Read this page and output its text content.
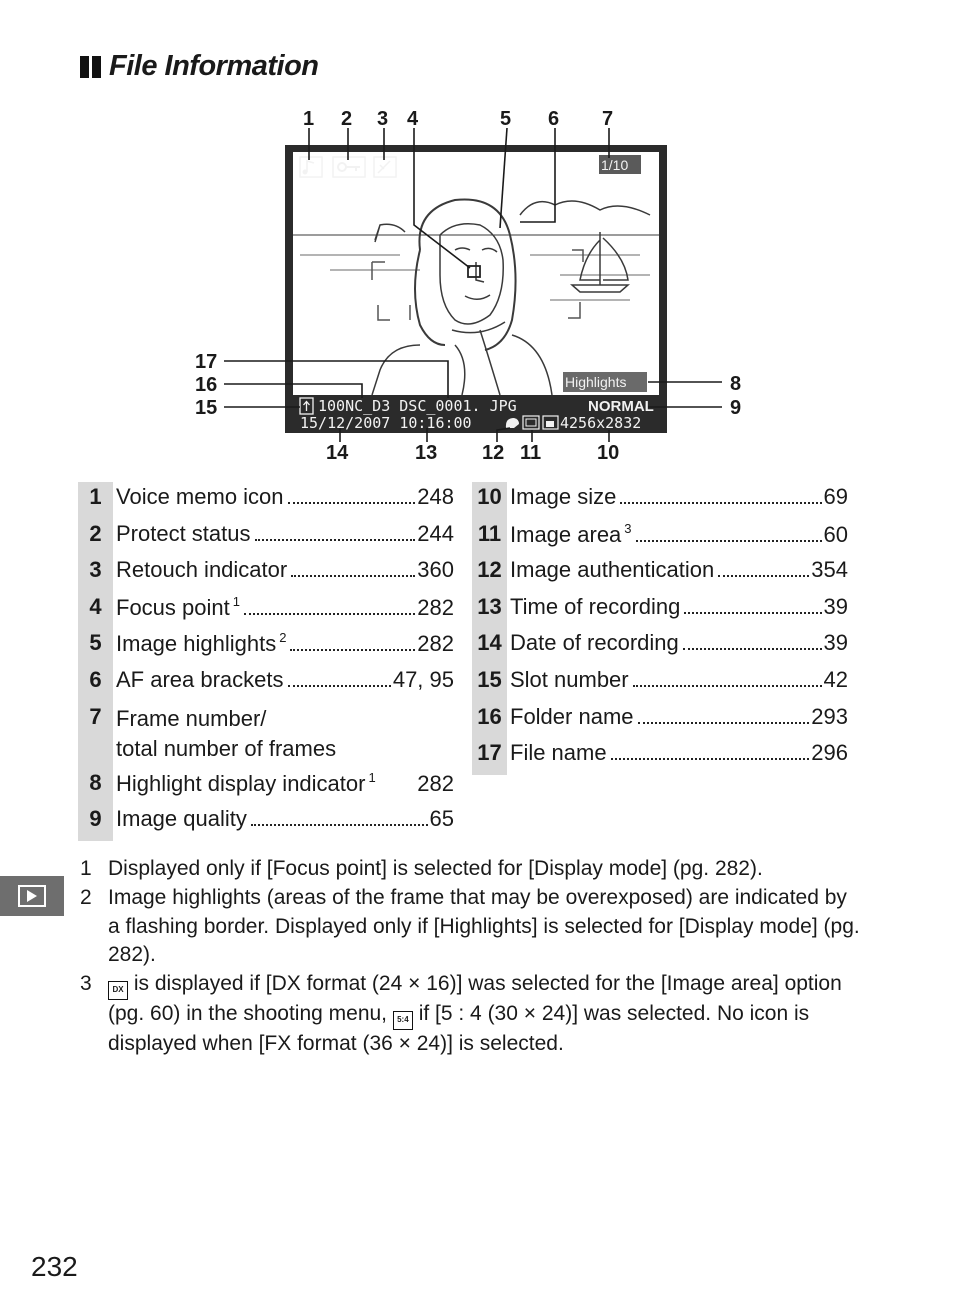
File Information
1/10
Highlights
100NC_D3 DSC_0001. JPG	NORMAL
15/12/2007 10:16:00	4256x2832
1 2 3 4	5 6 7
17
16
15
8
9
14	13 12 11	10
1 Voice memo icon	248
2 Protect status	244
3 Retouch indicator	360
4 Focus point $^1$	282
5 Image highlights $^2$	282
6 AF area brackets	47, 95
7 Frame number/
total number of frames
8 Highlight display indicator $^1$ 282
9 Image quality	65
10 Image size	69
11 Image area $^3$	60
12 Image authentication	354
13 Time of recording	39
14 Date of recording	39
15 Slot number	42
16 Folder name	293
17 File name	296
1 Displayed only if [Focus point] is selected for [Display mode] (pg. 282).
2 Image highlights (areas of the frame that may be overexposed) are indicated by a flashing border. Displayed only if [Highlights] is selected for [Display mode] (pg. 282).
3	DX is displayed if [DX format (24 × 16)] was selected for the [Image area] option (pg. 60) in the shooting menu, 5:4 if [5 : 4 (30 × 24)] was selected. No icon is displayed when [FX format (36 × 24)] is selected.
232
